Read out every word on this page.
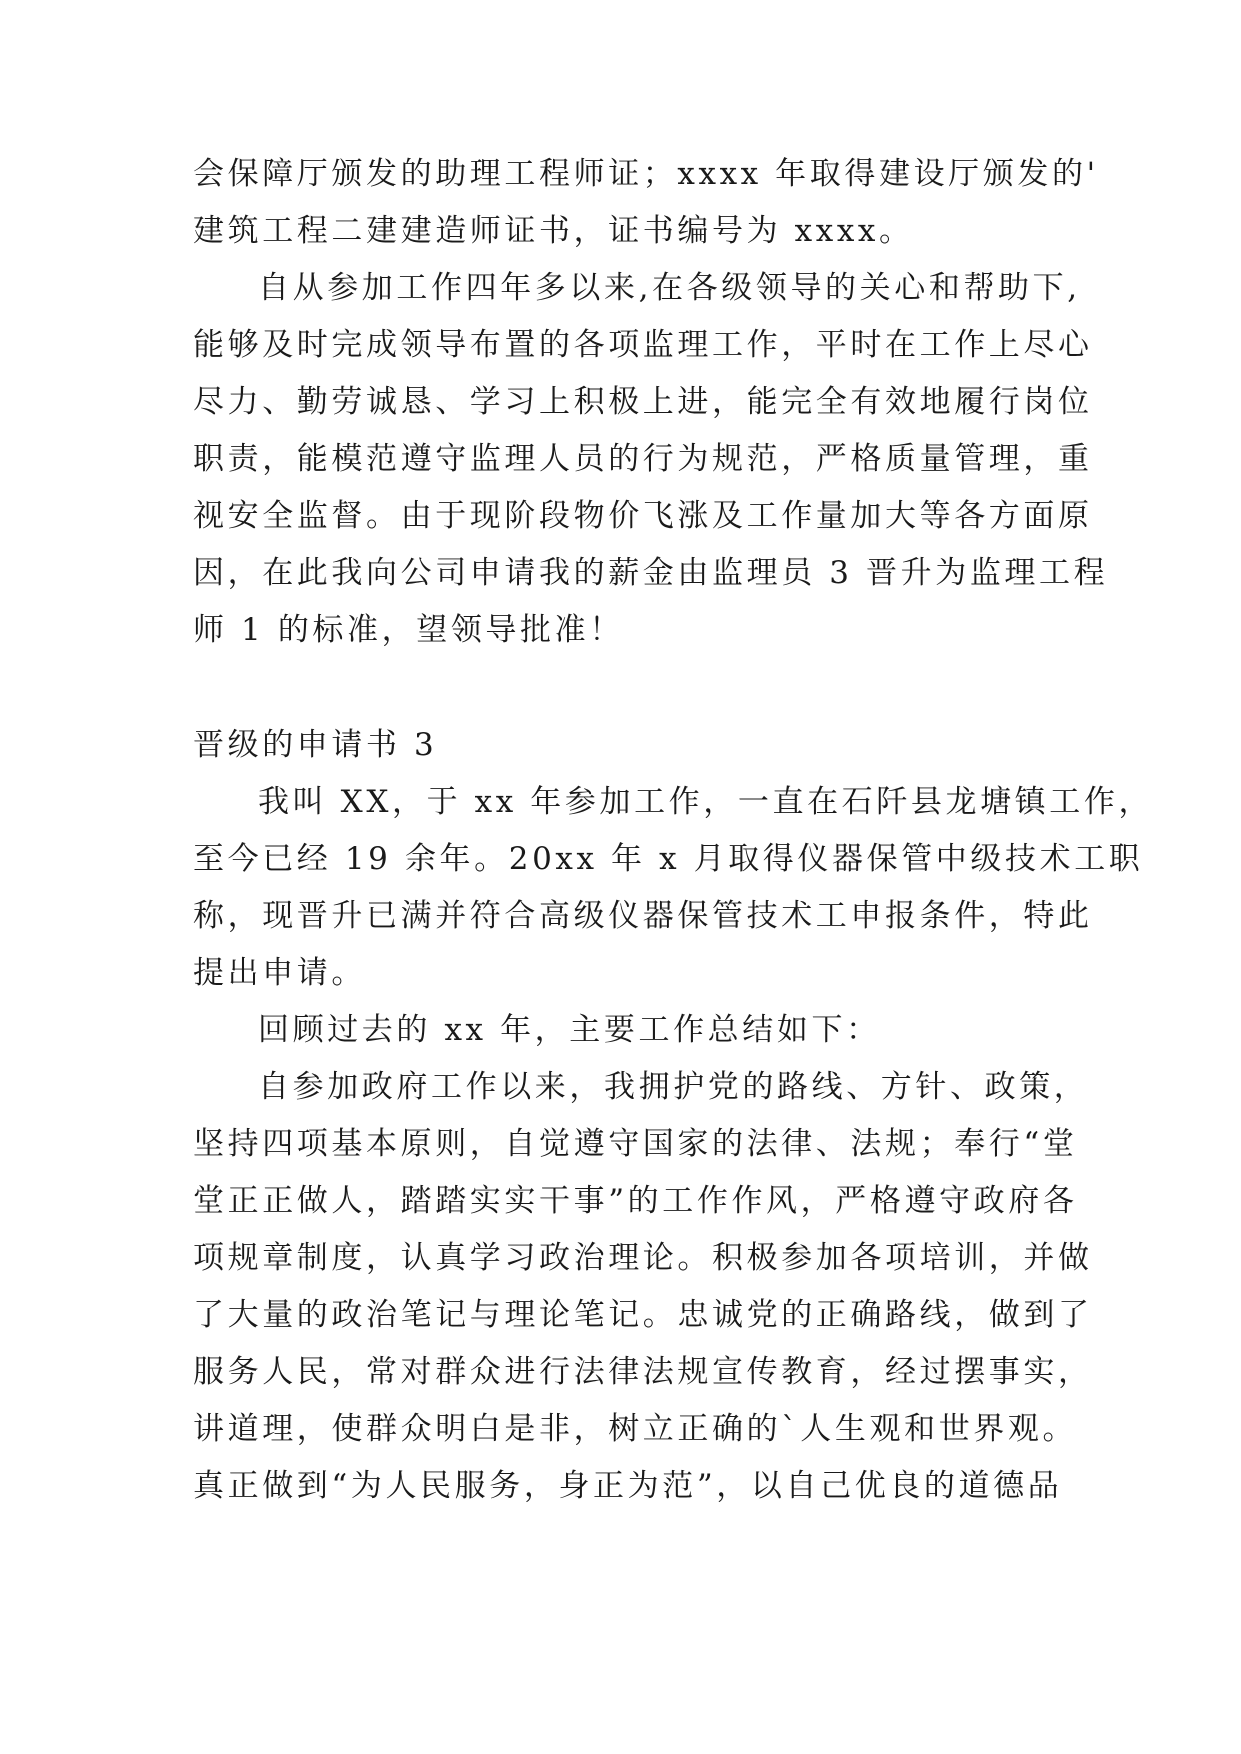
会保障厅颁发的助理工程师证；xxxx 年取得建设厅颁发的'

建筑工程二建建造师证书，证书编号为 xxxx。

自从参加工作四年多以来,在各级领导的关心和帮助下,

能够及时完成领导布置的各项监理工作，平时在工作上尽心

尽力、勤劳诚恳、学习上积极上进，能完全有效地履行岗位

职责，能模范遵守监理人员的行为规范，严格质量管理，重

视安全监督。由于现阶段物价飞涨及工作量加大等各方面原

因，在此我向公司申请我的薪金由监理员 3 晋升为监理工程

师 1 的标准，望领导批准！

晋级的申请书 3

我叫 XX，于 xx 年参加工作，一直在石阡县龙塘镇工作，

至今已经 19 余年。20xx 年 x 月取得仪器保管中级技术工职

称，现晋升已满并符合高级仪器保管技术工申报条件，特此

提出申请。

回顾过去的 xx 年，主要工作总结如下：

自参加政府工作以来，我拥护党的路线、方针、政策，

坚持四项基本原则，自觉遵守国家的法律、法规；奉行“堂

堂正正做人，踏踏实实干事”的工作作风，严格遵守政府各

项规章制度，认真学习政治理论。积极参加各项培训，并做

了大量的政治笔记与理论笔记。忠诚党的正确路线，做到了

服务人民，常对群众进行法律法规宣传教育，经过摆事实，

讲道理，使群众明白是非，树立正确的`人生观和世界观。

真正做到“为人民服务，身正为范”，以自己优良的道德品
